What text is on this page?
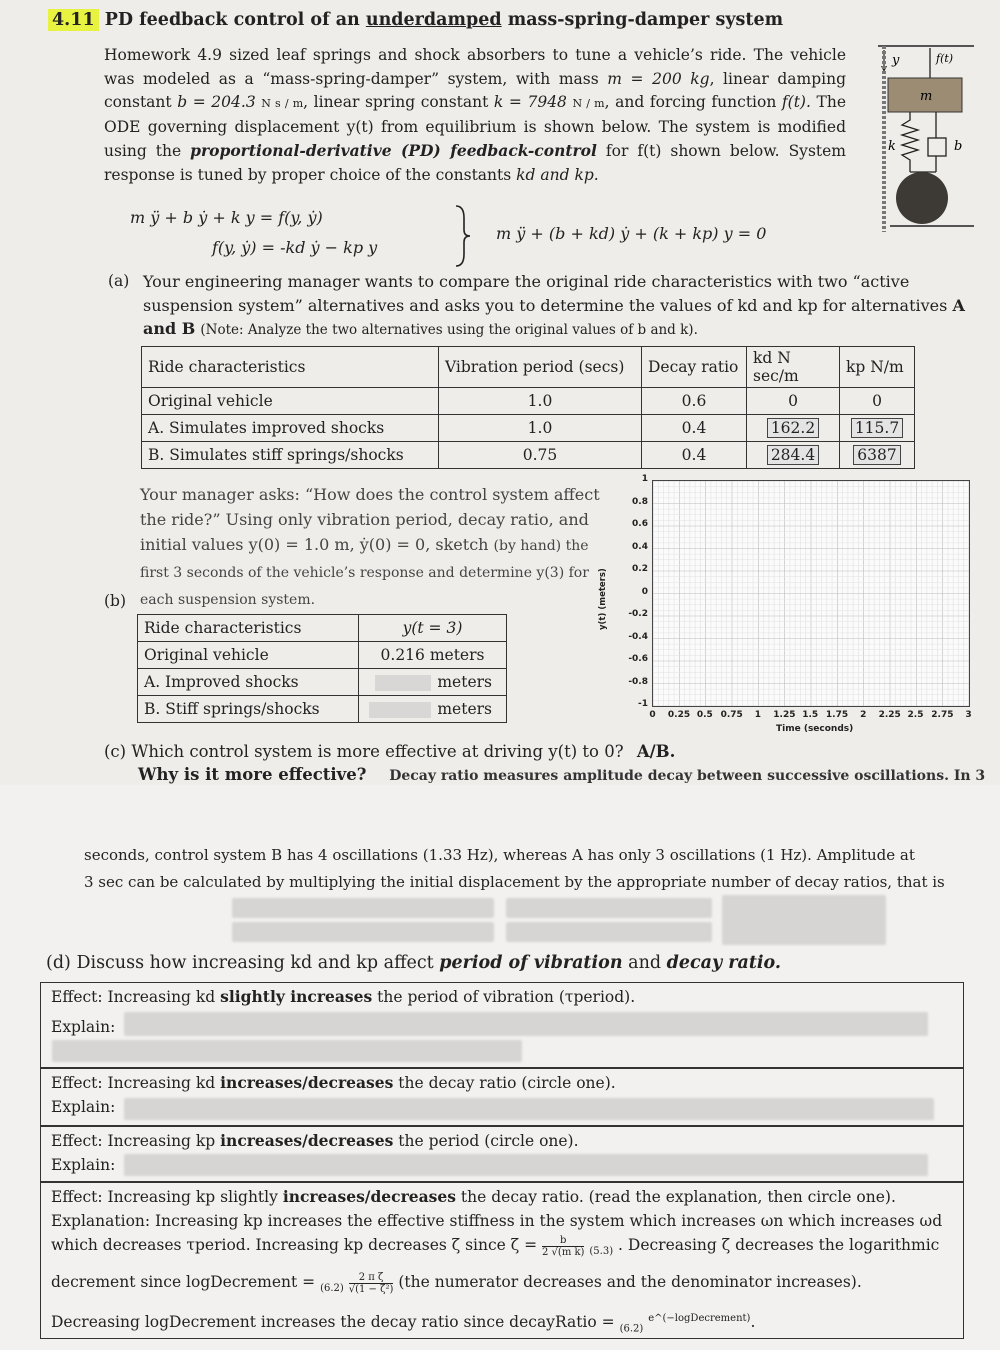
4.11 PD feedback control of an underdamped mass-spring-damper system
Homework 4.9 sized leaf springs and shock absorbers to tune a vehicle’s ride. The vehicle was modeled as a “mass-spring-damper” system, with mass m = 200 kg, linear damping constant b = 204.3 N s / m, linear spring constant k = 7948 N / m, and forcing function f(t). The ODE governing displacement y(t) from equilibrium is shown below. The system is modified using the proportional-derivative (PD) feedback-control for f(t) shown below. System response is tuned by proper choice of the constants kd and kp.
y	f(t)
m
k	b
m ÿ + b ẏ + k y = f(y, ẏ)
f(y, ẏ) = -kd ẏ − kp y
m ÿ + (b + kd) ẏ + (k + kp) y = 0
(a) Your engineering manager wants to compare the original ride characteristics with two “active suspension system” alternatives and asks you to determine the values of kd and kp for alternatives A and B (Note: Analyze the two alternatives using the original values of b and k).
Ride characteristics	Vibration period (secs)	Decay ratio	kd N sec/m	kp N/m
Original vehicle	1.0	0.6	0	0
A. Simulates improved shocks	1.0	0.4	162.2	115.7
B. Simulates stiff springs/shocks	0.75	0.4	284.4	6387
(b)
Your manager asks: “How does the control system affect the ride?” Using only vibration period, decay ratio, and initial values y(0) = 1.0 m, ẏ(0) = 0, sketch (by hand) the first 3 seconds of the vehicle’s response and determine y(3) for each suspension system.
Ride characteristics	y(t = 3)
Original vehicle	0.216 meters
A. Improved shocks	meters
B. Stiff springs/shocks	meters
1
0.8
0.6
0.4
0.2
0
-0.2
-0.4
-0.6
-0.8
-1
0 0.25 0.5 0.75 1 1.25 1.5 1.75 2 2.25 2.5 2.75 3
y(t) (meters)
Time (seconds)
(c) Which control system is more effective at driving y(t) to 0? A/B.
Why is it more effective? Decay ratio measures amplitude decay between successive oscillations. In 3
seconds, control system B has 4 oscillations (1.33 Hz), whereas A has only 3 oscillations (1 Hz). Amplitude at
3 sec can be calculated by multiplying the initial displacement by the appropriate number of decay ratios, that is
(d) Discuss how increasing kd and kp affect period of vibration and decay ratio.
Effect: Increasing kd slightly increases the period of vibration (τperiod).
Explain:
Effect: Increasing kd increases/decreases the decay ratio (circle one).
Explain:
Effect: Increasing kp increases/decreases the period (circle one).
Explain:
Effect: Increasing kp slightly increases/decreases the decay ratio. (read the explanation, then circle one).
Explanation: Increasing kp increases the effective stiffness in the system which increases ωn which increases ωd
which decreases τperiod. Increasing kp decreases ζ since $\zeta = \frac{b}{\text{2 √(m k)}} _{(5.3)}$ . Decreasing ζ decreases the logarithmic
decrement since logDecrement = $_{(6.2)} \frac{\text{2 π ζ}}{\text{√(1 − ζ²)}} (the$ numerator decreases and the denominator increases).
Decreasing logDecrement increases the decay ratio since decayRatio = $_{(6.2)}$ $^{e\^{}(-logDecrement)}$.
